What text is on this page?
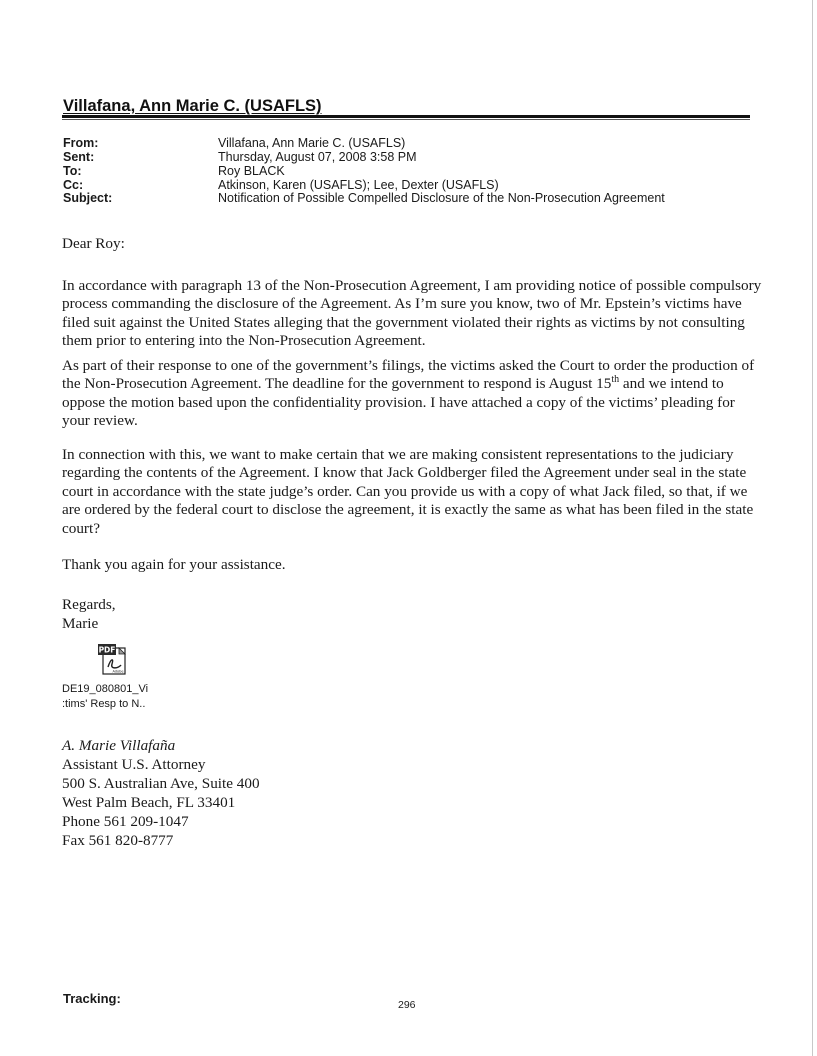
Villafana, Ann Marie C. (USAFLS)
From:	Villafana, Ann Marie C. (USAFLS)
Sent:	Thursday, August 07, 2008 3:58 PM
To:	Roy BLACK
Cc:	Atkinson, Karen (USAFLS); Lee, Dexter (USAFLS)
Subject:	Notification of Possible Compelled Disclosure of the Non-Prosecution Agreement

Dear Roy:

In accordance with paragraph 13 of the Non-Prosecution Agreement, I am providing notice of possible compulsory process commanding the disclosure of the Agreement. As I’m sure you know, two of Mr. Epstein’s victims have filed suit against the United States alleging that the government violated their rights as victims by not consulting them prior to entering into the Non-Prosecution Agreement.

As part of their response to one of the government’s filings, the victims asked the Court to order the production of the Non-Prosecution Agreement. The deadline for the government to respond is August 15th and we intend to oppose the motion based upon the confidentiality provision. I have attached a copy of the victims’ pleading for your review.

In connection with this, we want to make certain that we are making consistent representations to the judiciary regarding the contents of the Agreement. I know that Jack Goldberger filed the Agreement under seal in the state court in accordance with the state judge’s order. Can you provide us with a copy of what Jack filed, so that, if we are ordered by the federal court to disclose the agreement, it is exactly the same as what has been filed in the state court?

Thank you again for your assistance.

Regards,
Marie
PDF
Adobe
DE19_080801_Vi
:tims' Resp to N..
A. Marie Villafaña
Assistant U.S. Attorney
500 S. Australian Ave, Suite 400
West Palm Beach, FL 33401
Phone 561 209-1047
Fax 561 820-8777
Tracking:	296
